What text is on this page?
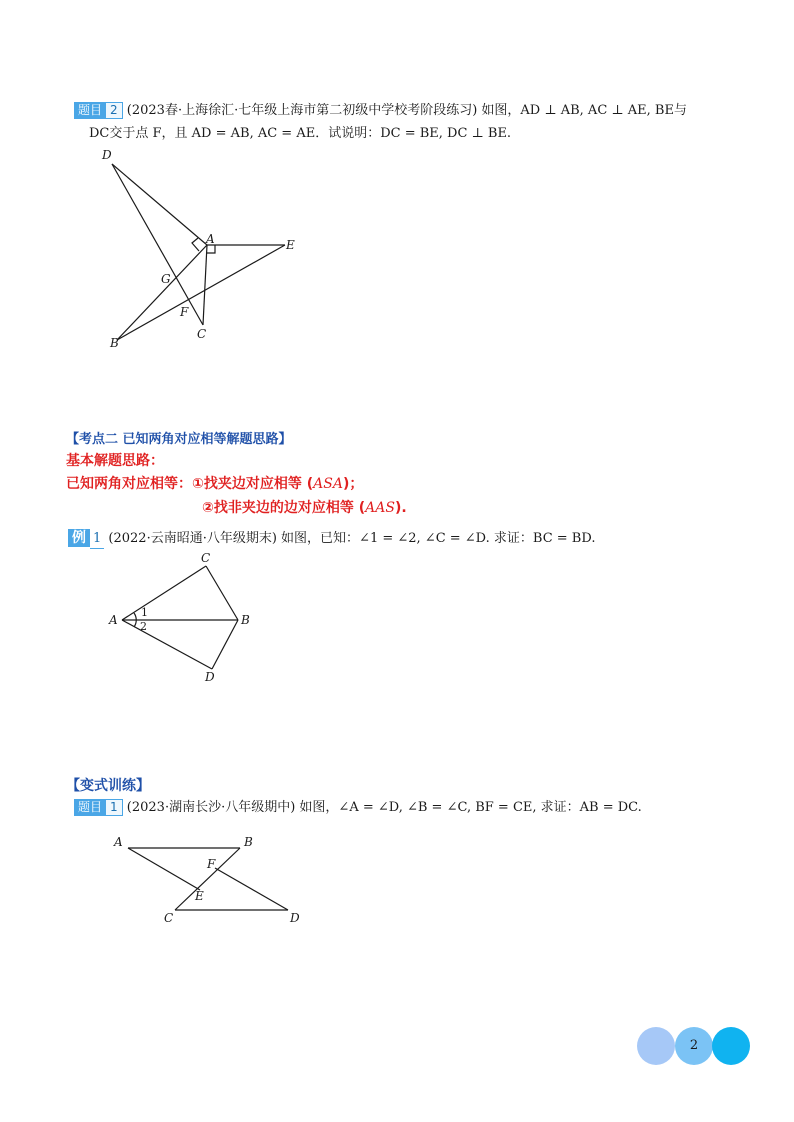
题目 2 (2023春·上海徐汇·七年级上海市第二初级中学校考阶段练习) 如图，AD ⊥ AB, AC ⊥ AE, BE与
DC交于点 F，且 AD = AB, AC = AE．试说明：DC = BE, DC ⊥ BE.
D
A	E
G
F
C
B
【考点二 已知两角对应相等解题思路】
基本解题思路：
已知两角对应相等：①找夹边对应相等 (ASA)；
②找非夹边的边对应相等 (AAS).
例 1 (2022·云南昭通·八年级期末) 如图，已知：∠1 = ∠2, ∠C = ∠D. 求证：BC = BD.
C
A	B
D
1
2
【变式训练】
题目 1 (2023·湖南长沙·八年级期中) 如图，∠A = ∠D, ∠B = ∠C, BF = CE, 求证：AB = DC.
A	B
F
E
C	D
2
